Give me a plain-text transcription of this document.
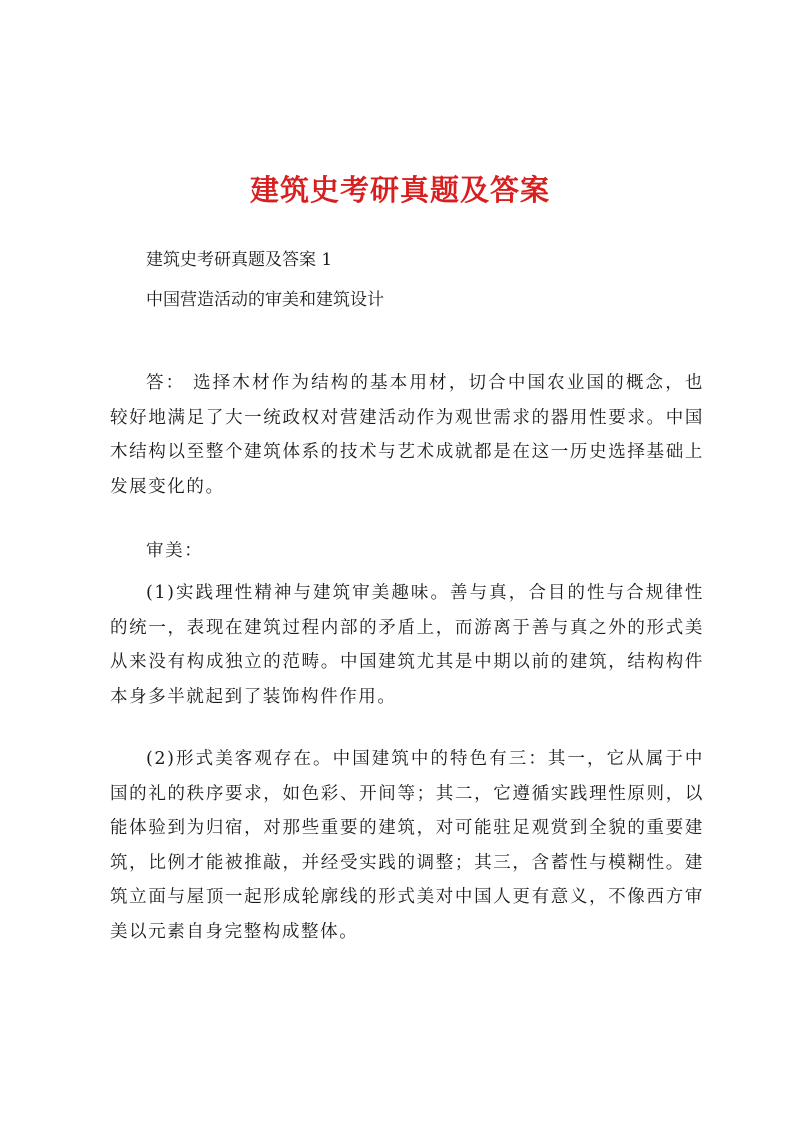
建筑史考研真题及答案

建筑史考研真题及答案 1

中国营造活动的审美和建筑设计

答： 选择木材作为结构的基本用材，切合中国农业国的概念，也较好地满足了大一统政权对营建活动作为观世需求的器用性要求。中国木结构以至整个建筑体系的技术与艺术成就都是在这一历史选择基础上发展变化的。

审美：

(1)实践理性精神与建筑审美趣味。善与真，合目的性与合规律性的统一，表现在建筑过程内部的矛盾上，而游离于善与真之外的形式美从来没有构成独立的范畴。中国建筑尤其是中期以前的建筑，结构构件本身多半就起到了装饰构件作用。

(2)形式美客观存在。中国建筑中的特色有三：其一，它从属于中国的礼的秩序要求，如色彩、开间等；其二，它遵循实践理性原则，以能体验到为归宿，对那些重要的建筑，对可能驻足观赏到全貌的重要建筑，比例才能被推敲，并经受实践的调整；其三，含蓄性与模糊性。建筑立面与屋顶一起形成轮廓线的形式美对中国人更有意义，不像西方审美以元素自身完整构成整体。
